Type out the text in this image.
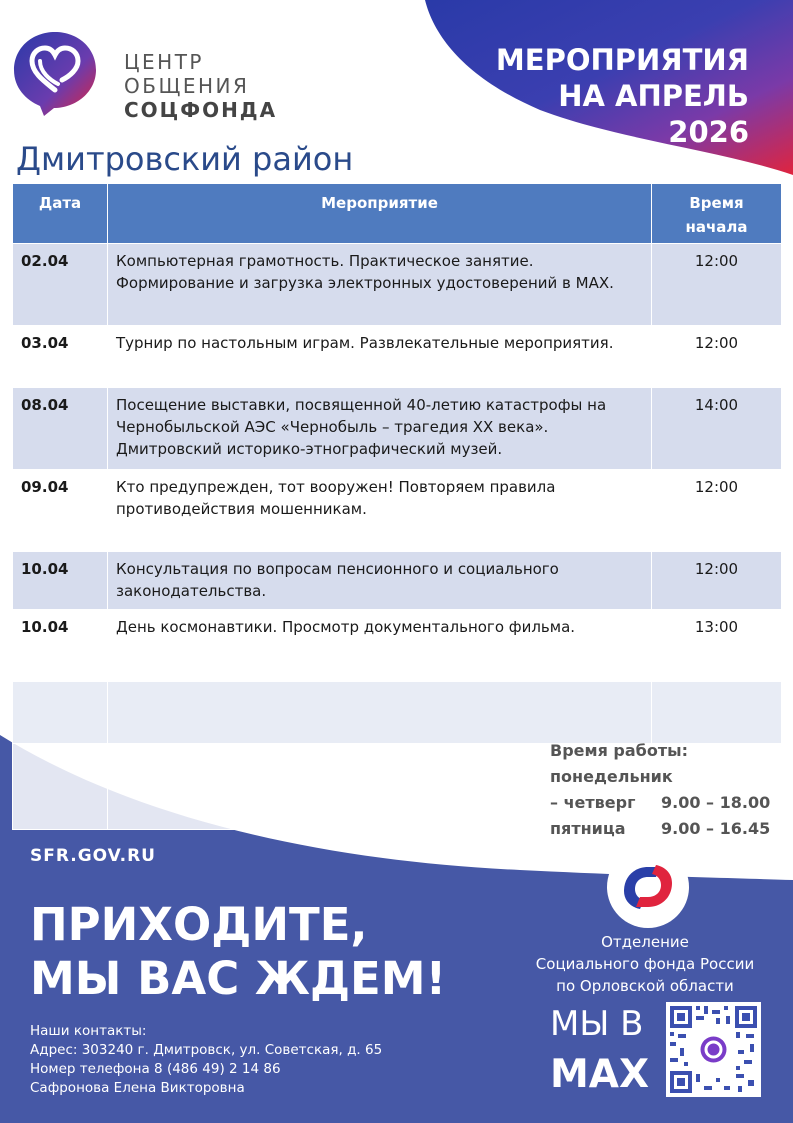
ЦЕНТР
ОБЩЕНИЯ
СОЦФОНДА
МЕРОПРИЯТИЯ
НА АПРЕЛЬ
2026
Дмитровский район
Дата	Мероприятие	Время начала
02.04	Компьютерная грамотность. Практическое занятие. Формирование и загрузка электронных удостоверений в MAX.	12:00
03.04	Турнир по настольным играм. Развлекательные мероприятия.	12:00
08.04	Посещение выставки, посвященной 40-летию катастрофы на Чернобыльской АЭС «Чернобыль – трагедия XX века». Дмитровский историко-этнографический музей.	14:00
09.04	Кто предупрежден, тот вооружен! Повторяем правила противодействия мошенникам.	12:00
10.04	Консультация по вопросам пенсионного и социального законодательства.	12:00
10.04	День космонавтики. Просмотр документального фильма.	13:00

Время работы:
понедельник
– четверг	9.00 – 18.00
пятница	9.00 – 16.45
SFR.GOV.RU
ПРИХОДИТЕ,
МЫ ВАС ЖДЕМ!
Наши контакты:
Адрес: 303240 г. Дмитровск, ул. Советская, д. 65
Номер телефона 8 (486 49) 2 14 86
Сафронова Елена Викторовна
Отделение
Социального фонда России
по Орловской области
МЫ В
MAX
